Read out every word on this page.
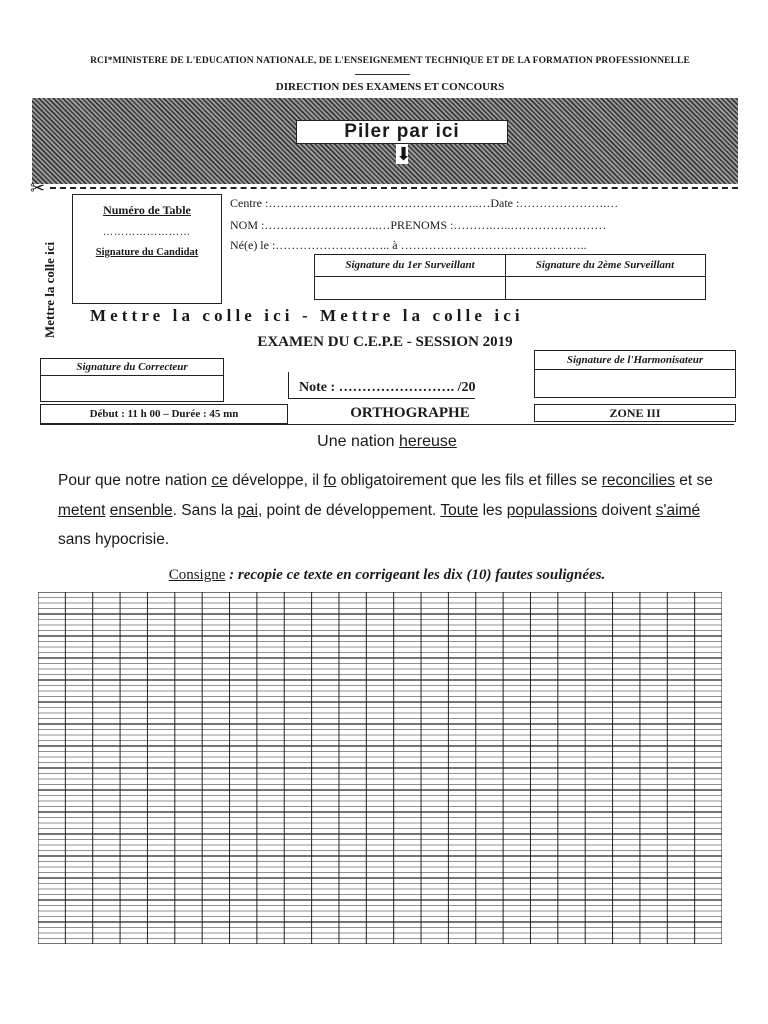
RCI*MINISTERE DE L'EDUCATION NATIONALE, DE L'ENSEIGNEMENT TECHNIQUE ET DE LA FORMATION PROFESSIONNELLE
DIRECTION DES EXAMENS ET CONCOURS
Piler par ici
⬇
✂
Mettre la colle ici
Numéro de Table
……………………
Signature du Candidat
Centre :……………………………………………..…Date :………………….…
NOM :………………………..…PRENOMS :……….…..……………………
Né(e) le :……………………….. à ………………………………………..
Signature du 1er Surveillant	Signature du 2ème Surveillant
Mettre la colle ici - Mettre la colle ici
EXAMEN DU C.E.P.E - SESSION 2019
Signature du Correcteur
Note : ……………………. /20
Signature de l'Harmonisateur
Début : 11 h 00 – Durée : 45 mn	ORTHOGRAPHE	ZONE III
Une nation hereuse
Pour que notre nation ce développe, il fo obligatoirement que les fils et filles se reconcilies et se metent ensenble. Sans la pai, point de développement. Toute les populassions doivent s'aimé sans hypocrisie.
Consigne : recopie ce texte en corrigeant les dix (10) fautes soulignées.
